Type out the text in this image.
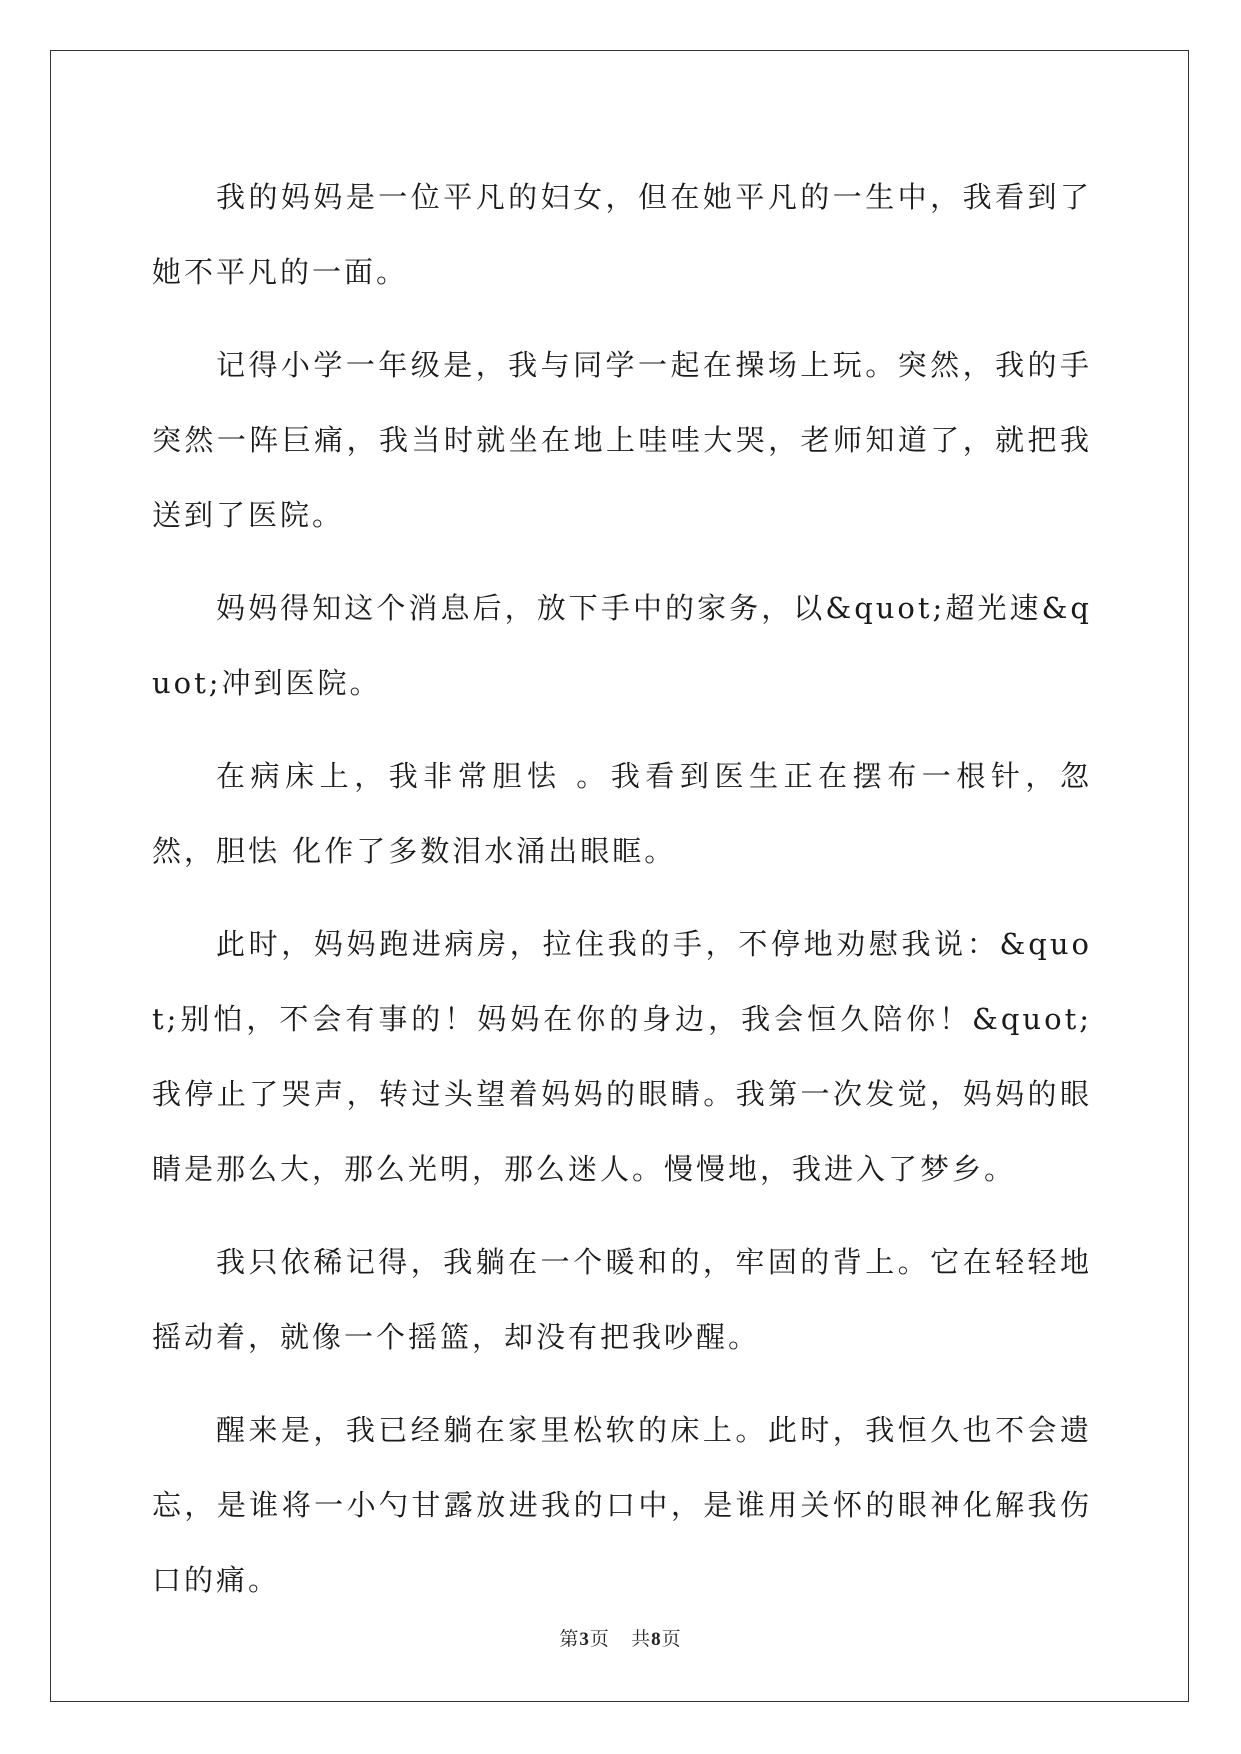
我的妈妈是一位平凡的妇女，但在她平凡的一生中，我看到了她不平凡的一面。

记得小学一年级是，我与同学一起在操场上玩。突然，我的手突然一阵巨痛，我当时就坐在地上哇哇大哭，老师知道了，就把我送到了医院。

妈妈得知这个消息后，放下手中的家务，以&quot;超光速&quot;冲到医院。

在病床上，我非常胆怯 。我看到医生正在摆布一根针，忽然，胆怯 化作了多数泪水涌出眼眶。

此时，妈妈跑进病房，拉住我的手，不停地劝慰我说：&quot;别怕，不会有事的！妈妈在你的身边，我会恒久陪你！&quot;我停止了哭声，转过头望着妈妈的眼睛。我第一次发觉，妈妈的眼睛是那么大，那么光明，那么迷人。慢慢地，我进入了梦乡。

我只依稀记得，我躺在一个暖和的，牢固的背上。它在轻轻地摇动着，就像一个摇篮，却没有把我吵醒。

醒来是，我已经躺在家里松软的床上。此时，我恒久也不会遗忘，是谁将一小勺甘露放进我的口中，是谁用关怀的眼神化解我伤口的痛。

第3页 共8页
